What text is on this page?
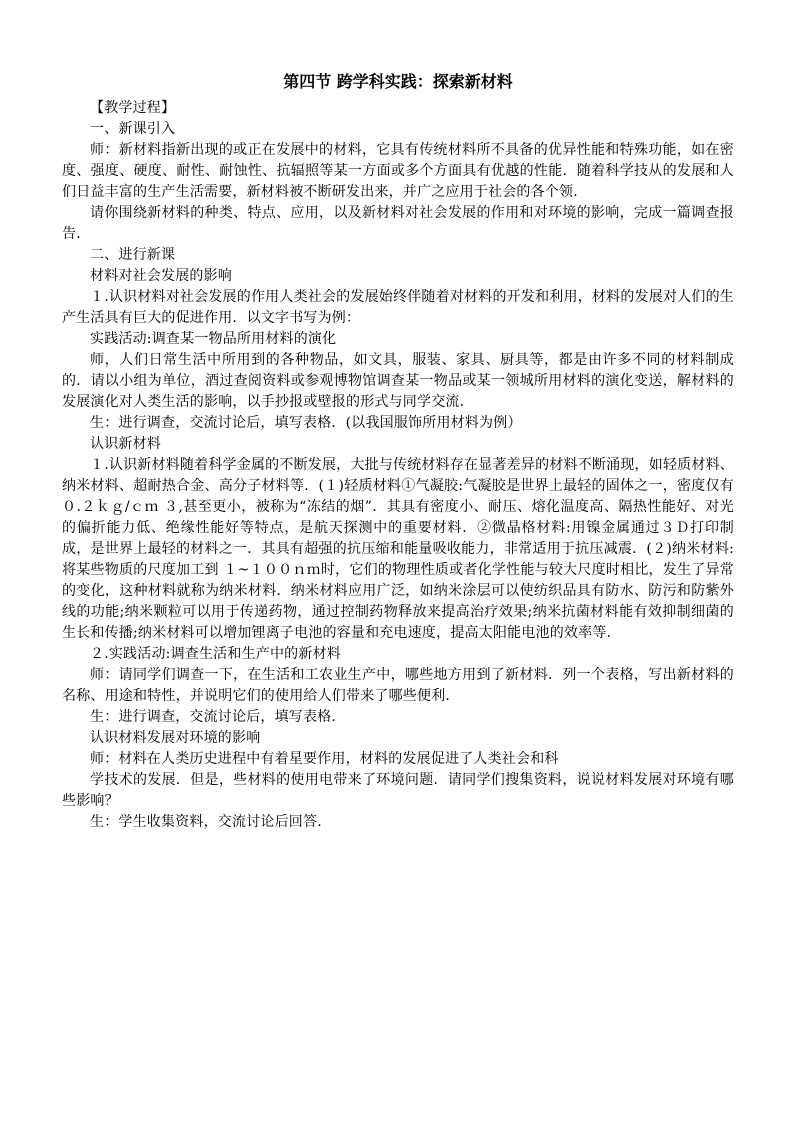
第四节 跨学科实践：探索新材料

【教学过程】

一、新课引入

师：新材料指新出现的或正在发展中的材料，它具有传统材料所不具备的优异性能和特殊功能，如在密度、强度、硬度、耐性、耐蚀性、抗辐照等某一方面或多个方面具有优越的性能．随着科学技从的发展和人们日益丰富的生产生活需要，新材料被不断研发出来，并广之应用于社会的各个领.

请你围绕新材料的种类、特点、应用，以及新材料对社会发展的作用和对环境的影响，完成一篇调查报告.

二、进行新课

材料对社会发展的影响

１.认识材料对社会发展的作用人类社会的发展始终伴随着对材料的开发和利用，材料的发展对人们的生产生活具有巨大的促进作用．以文字书写为例：

实践活动:调查某一物品所用材料的演化

师，人们日常生活中所用到的各种物品，如文具，服装、家具、厨具等，都是由许多不同的材料制成的．请以小组为单位，酒过查阅资料或参观博物馆调查某一物品或某一领城所用材料的演化变送，解材料的发展演化对人类生活的影响，以手抄报或壁报的形式与同学交流.

生：进行调查，交流讨论后，填写表格．(以我国服饰所用材料为例）

认识新材料

１.认识新材料随着科学金属的不断发展，大批与传统材料存在显著差异的材料不断涌现，如轻质材料、纳米材料、超耐热合金、高分子材料等．(１)轻质材料①气凝胶:气凝胶是世界上最轻的固体之一，密度仅有０.２ｋｇ/ｃｍ ３,甚至更小，被称为“冻结的烟”．其具有密度小、耐压、熔化温度高、隔热性能好、对光的偏折能力低、绝缘性能好等特点，是航天探测中的重要材料．②微晶格材料:用镍金属通过３Ｄ打印制成，是世界上最轻的材料之一．其具有超强的抗压缩和能量吸收能力，非常适用于抗压减震．(２)纳米材料:将某些物质的尺度加工到 １~１００ｎｍ时，它们的物理性质或者化学性能与较大尺度时相比，发生了异常的变化，这种材料就称为纳米材料．纳米材料应用广泛，如纳米涂层可以使纺织品具有防水、防污和防紫外线的功能;纳米颗粒可以用于传递药物，通过控制药物释放来提高治疗效果;纳米抗菌材料能有效抑制细菌的生长和传播;纳米材料可以增加锂离子电池的容量和充电速度，提高太阳能电池的效率等.

２.实践活动:调查生活和生产中的新材料

师：请同学们调查一下，在生活和工农业生产中，哪些地方用到了新材料．列一个表格，写出新材料的名称、用途和特性，并说明它们的使用给人们带来了哪些便利.

生：进行调查，交流讨论后，填写表格.

认识材料发展对环境的影响

师：材料在人类历史进程中有着星要作用，材料的发展促进了人类社会和科

学技术的发展．但是，些材料的使用电带来了环境问题．请同学们搜集资料，说说材料发展对环境有哪些影响？

生：学生收集资料，交流讨论后回答.
